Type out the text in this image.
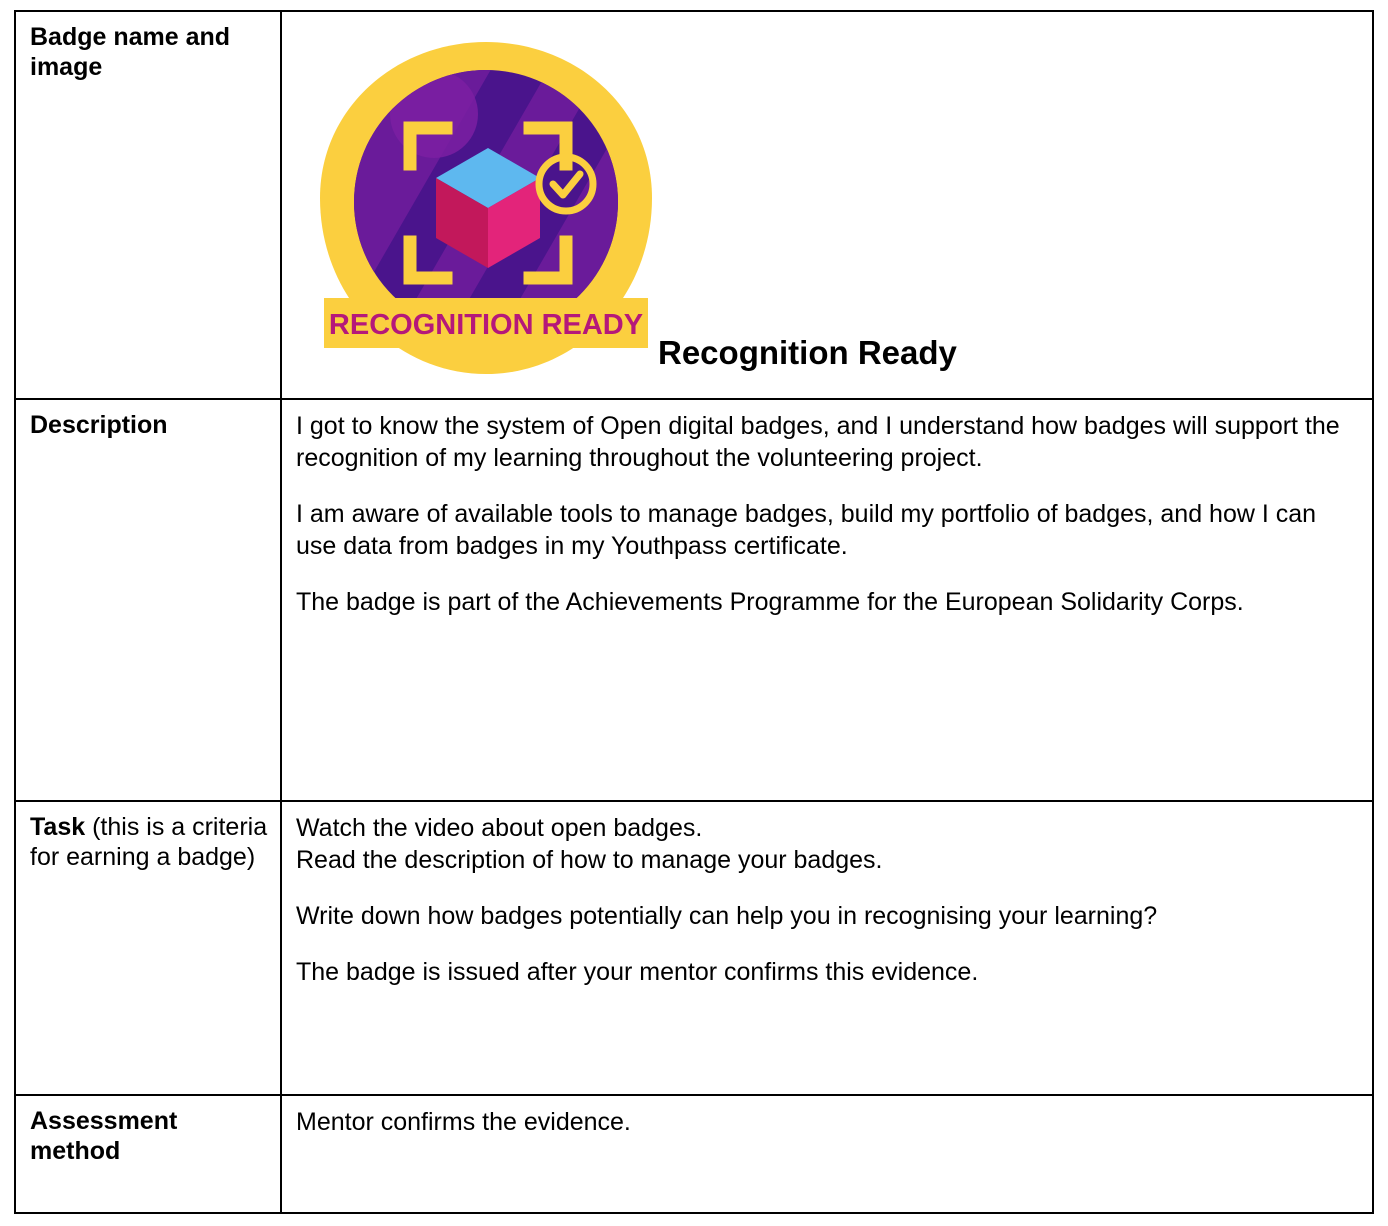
Badge name and image	RECOGNITION READY
Recognition Ready

Description	I got to know the system of Open digital badges, and I understand how badges will support the recognition of my learning throughout the volunteering project.

I am aware of available tools to manage badges, build my portfolio of badges, and how I can use data from badges in my Youthpass certificate.

The badge is part of the Achievements Programme for the European Solidarity Corps.

Task (this is a criteria for earning a badge)	Watch the video about open badges.

Read the description of how to manage your badges.

Write down how badges potentially can help you in recognising your learning?

The badge is issued after your mentor confirms this evidence.

Assessment method	Mentor confirms the evidence.
